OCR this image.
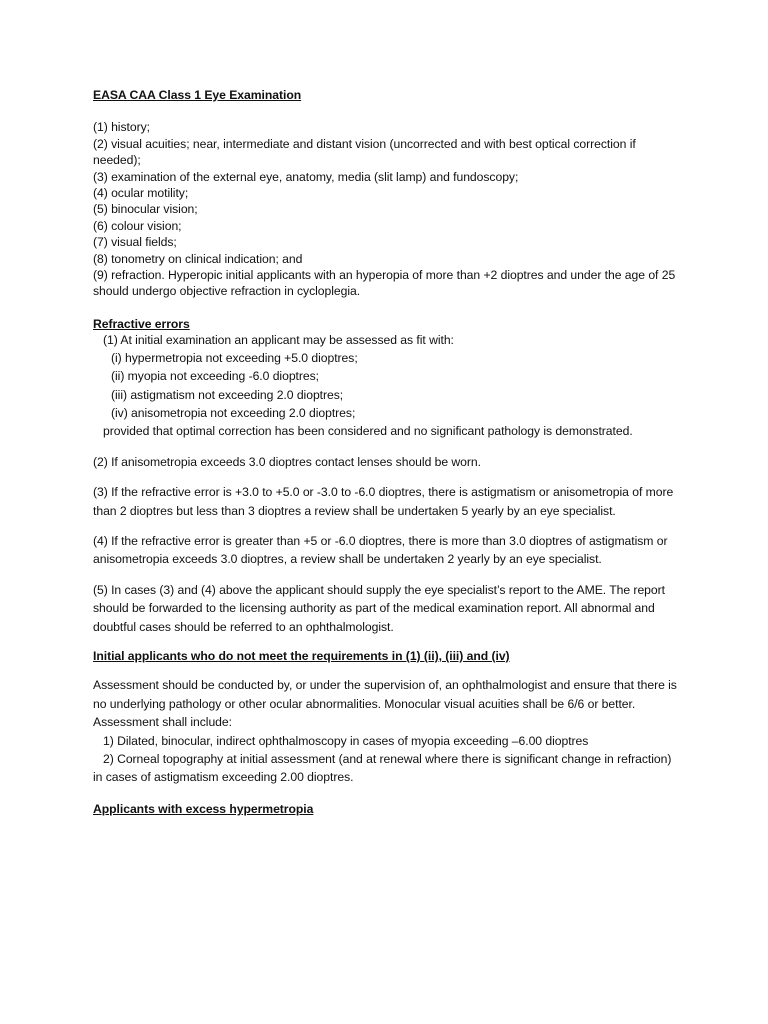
EASA CAA Class 1 Eye Examination

(1) history;

(2) visual acuities; near, intermediate and distant vision (uncorrected and with best optical correction if needed);

(3) examination of the external eye, anatomy, media (slit lamp) and fundoscopy;

(4) ocular motility;

(5) binocular vision;

(6) colour vision;

(7) visual fields;

(8) tonometry on clinical indication; and

(9) refraction. Hyperopic initial applicants with an hyperopia of more than +2 dioptres and under the age of 25 should undergo objective refraction in cycloplegia.

Refractive errors

(1) At initial examination an applicant may be assessed as fit with:

(i) hypermetropia not exceeding +5.0 dioptres;

(ii) myopia not exceeding -6.0 dioptres;

(iii) astigmatism not exceeding 2.0 dioptres;

(iv) anisometropia not exceeding 2.0 dioptres;

provided that optimal correction has been considered and no significant pathology is demonstrated.

(2) If anisometropia exceeds 3.0 dioptres contact lenses should be worn.

(3) If the refractive error is +3.0 to +5.0 or -3.0 to -6.0 dioptres, there is astigmatism or anisometropia of more than 2 dioptres but less than 3 dioptres a review shall be undertaken 5 yearly by an eye specialist.

(4) If the refractive error is greater than +5 or -6.0 dioptres, there is more than 3.0 dioptres of astigmatism or anisometropia exceeds 3.0 dioptres, a review shall be undertaken 2 yearly by an eye specialist.

(5) In cases (3) and (4) above the applicant should supply the eye specialist’s report to the AME. The report should be forwarded to the licensing authority as part of the medical examination report. All abnormal and doubtful cases should be referred to an ophthalmologist.

Initial applicants who do not meet the requirements in (1) (ii), (iii) and (iv)

Assessment should be conducted by, or under the supervision of, an ophthalmologist and ensure that there is no underlying pathology or other ocular abnormalities. Monocular visual acuities shall be 6/6 or better. Assessment shall include:

1) Dilated, binocular, indirect ophthalmoscopy in cases of myopia exceeding –6.00 dioptres

2) Corneal topography at initial assessment (and at renewal where there is significant change in refraction) in cases of astigmatism exceeding 2.00 dioptres.

Applicants with excess hypermetropia
